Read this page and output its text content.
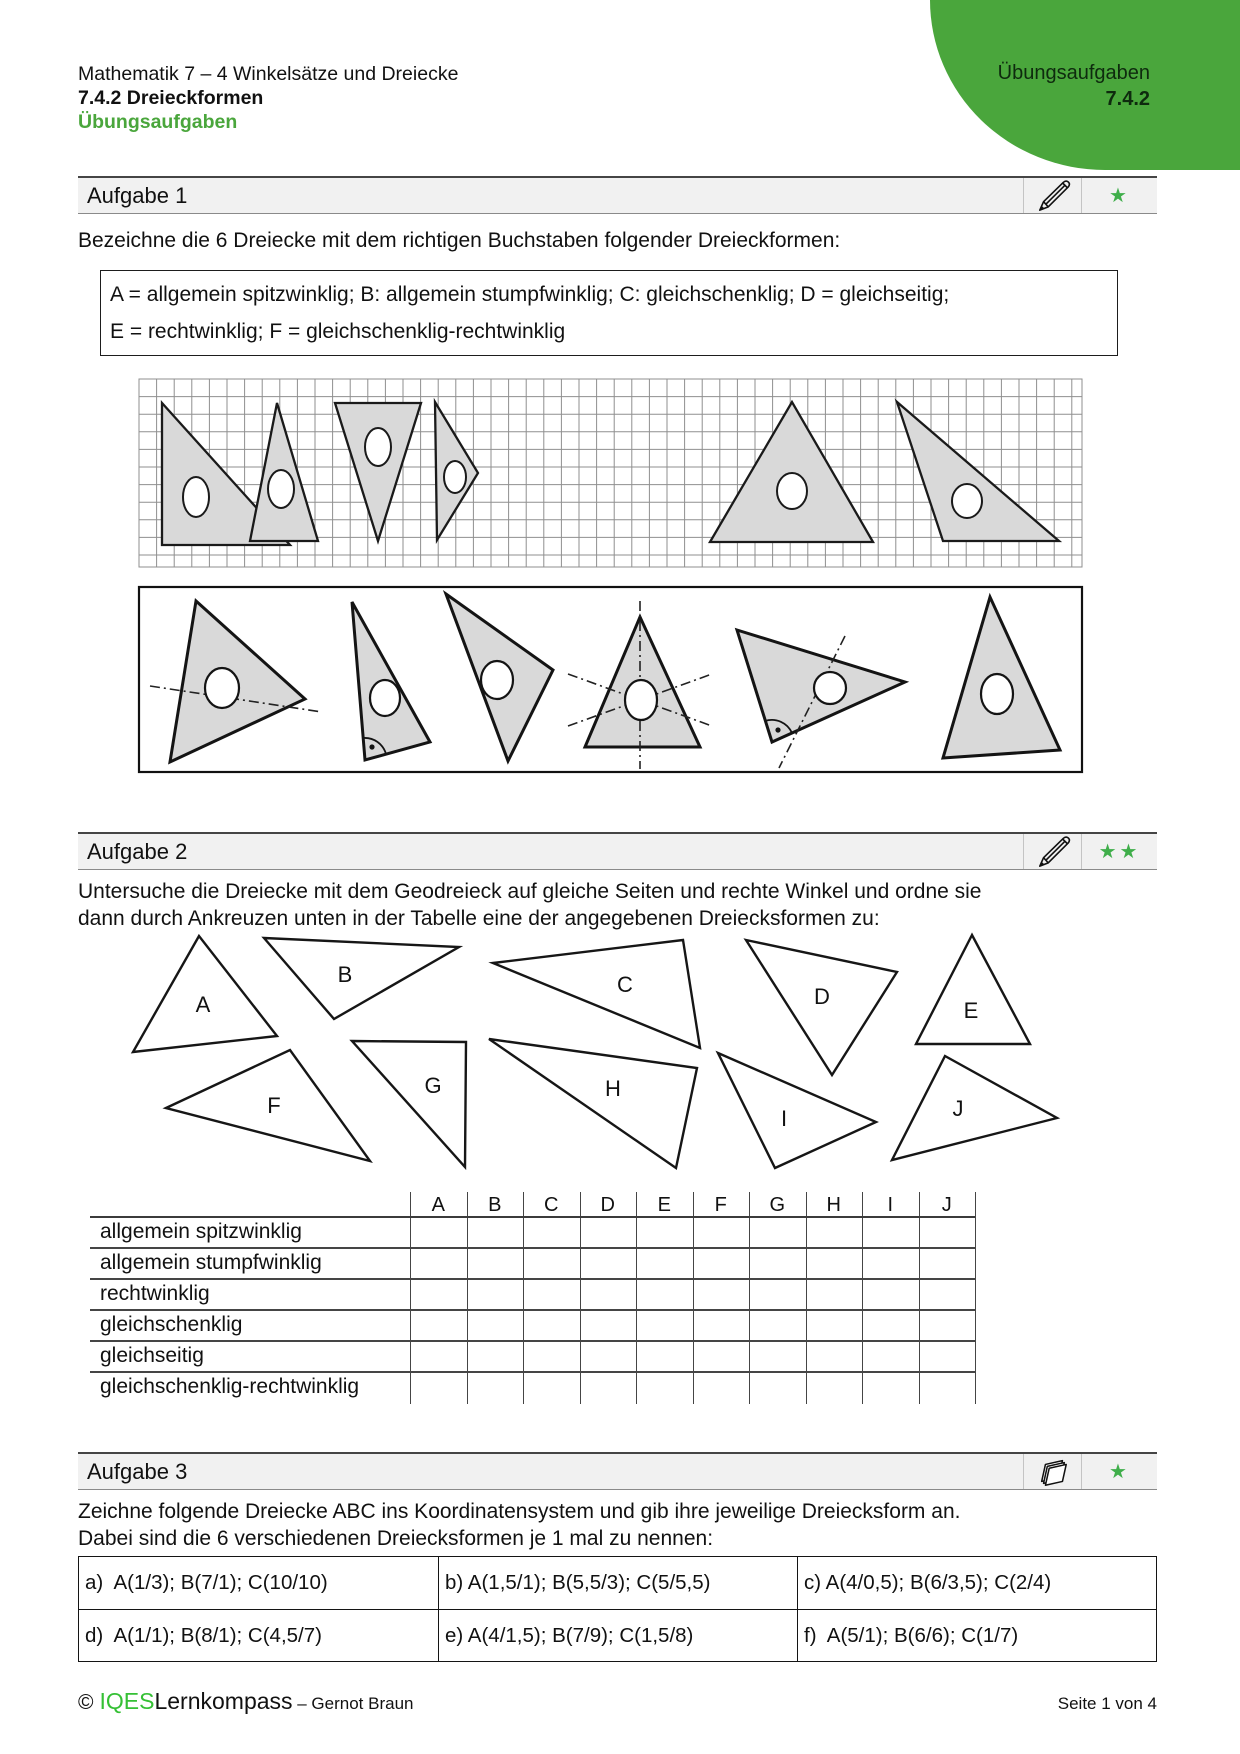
Mathematik 7 – 4 Winkelsätze und Dreiecke
7.4.2 Dreieckformen
Übungsaufgaben
Übungsaufgaben
7.4.2
A
B	C	D
E
F
G	H
I	J
Aufgabe 1	★
Bezeichne die 6 Dreiecke mit dem richtigen Buchstaben folgender Dreieckformen:
A = allgemein spitzwinklig; B: allgemein stumpfwinklig; C: gleichschenklig; D = gleichseitig;
E = rechtwinklig; F = gleichschenklig-rechtwinklig
Aufgabe 2	★★
Untersuche die Dreiecke mit dem Geodreieck auf gleiche Seiten und rechte Winkel und ordne sie
dann durch Ankreuzen unten in der Tabelle eine der angegebenen Dreiecksformen zu:
A	B	C	D	E	F	G	H	I	J
allgemein spitzwinklig
allgemein stumpfwinklig
rechtwinklig
gleichschenklig
gleichseitig
gleichschenklig-rechtwinklig
Aufgabe 3	★
Zeichne folgende Dreiecke ABC ins Koordinatensystem und gib ihre jeweilige Dreiecksform an.
Dabei sind die 6 verschiedenen Dreiecksformen je 1 mal zu nennen:
a)  A(1/3); B(7/1); C(10/10)	b) A(1,5/1); B(5,5/3); C(5/5,5)	c) A(4/0,5); B(6/3,5); C(2/4)
d)  A(1/1); B(8/1); C(4,5/7)	e) A(4/1,5); B(7/9); C(1,5/8)	f)  A(5/1); B(6/6); C(1/7)
© IQESLernkompass – Gernot Braun	Seite 1 von 4
